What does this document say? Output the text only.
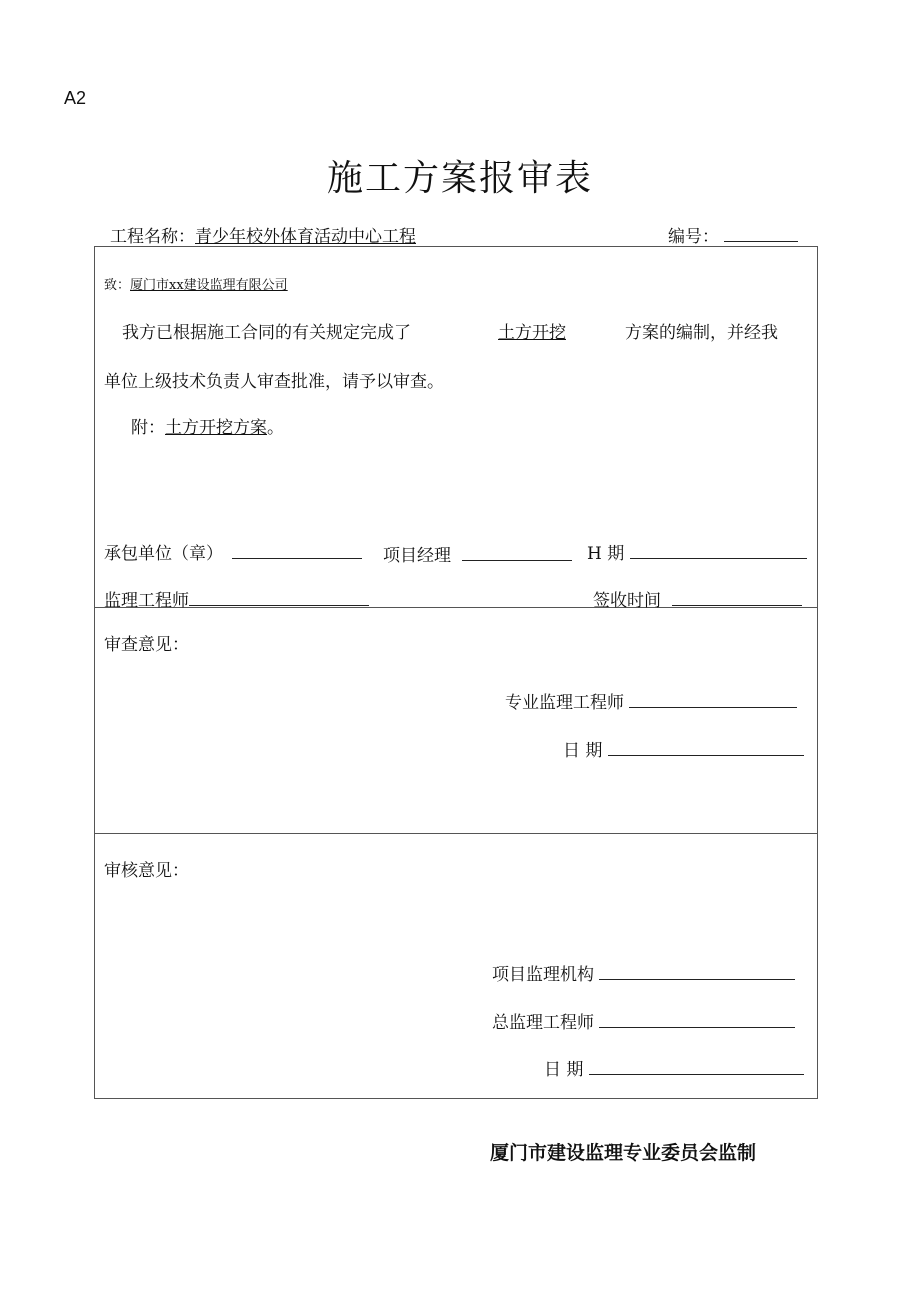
A2
施工方案报审表
工程名称：青少年校外体育活动中心工程	编号：
致：厦门市xx建设监理有限公司
我方已根据施工合同的有关规定完成了	土方开挖	方案的编制，并经我
单位上级技术负责人审查批准，请予以审查。
附：土方开挖方案。
承包单位（章）	项目经理	H 期
监理工程师	签收时间
审查意见：
专业监理工程师
日 期
审核意见：
项目监理机构
总监理工程师
日 期
厦门市建设监理专业委员会监制
